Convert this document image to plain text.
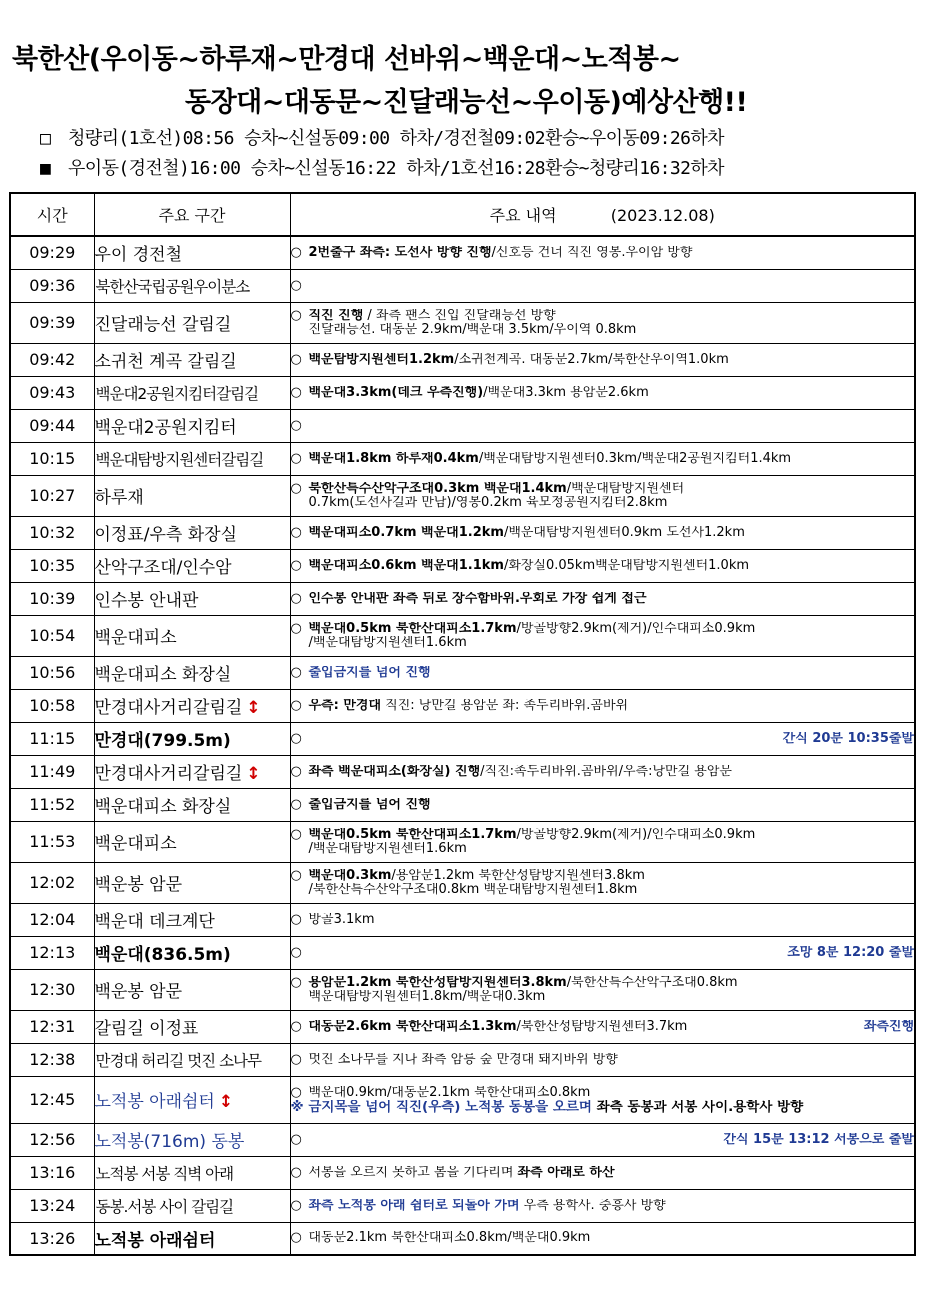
북한산(우이동~하루재~만경대 선바위~백운대~노적봉~
동장대~대동문~진달래능선~우이동)예상산행!!
□ 청량리(1호선)08:56 승차~신설동09:00 하차/경전철09:02환승~우이동09:26하차
■ 우이동(경전철)16:00 승차~신설동16:22 하차/1호선16:28환승~청량리16:32하차
시간	주요 구간	주요 내역 (2023.12.08)
09:29	우이 경전철	○ 2번출구 좌측: 도선사 방향 진행/신호등 건너 직진 영봉.우이암 방향

09:36	북한산국립공원우이분소	○

09:39	진달래능선 갈림길	○ 직진 진행 / 좌측 팬스 진입 진달래능선 방향
진달래능선. 대동문 2.9km/백운대 3.5km/우이역 0.8km

09:42	소귀천 계곡 갈림길	○ 백운탐방지원센터1.2km/소귀천계곡. 대동문2.7km/북한산우이역1.0km

09:43	백운대2공원지킴터갈림길	○ 백운대3.3km(데크 우측진행)/백운대3.3km 용암문2.6km

09:44	백운대2공원지킴터	○

10:15	백운대탐방지원센터갈림길	○ 백운대1.8km 하루재0.4km/백운대탐방지원센터0.3km/백운대2공원지킴터1.4km

10:27	하루재	○ 북한산특수산악구조대0.3km 백운대1.4km/백운대탐방지원센터
0.7km(도선사길과 만남)/영봉0.2km 육모정공원지킴터2.8km

10:32	이정표/우측 화장실	○ 백운대피소0.7km 백운대1.2km/백운대탐방지원센터0.9km 도선사1.2km

10:35	산악구조대/인수암	○ 백운대피소0.6km 백운대1.1km/화장실0.05km백운대탐방지원센터1.0km

10:39	인수봉 안내판	○ 인수봉 안내판 좌측 뒤로 장수함바위.우회로 가장 쉽게 접근

10:54	백운대피소	○ 백운대0.5km 북한산대피소1.7km/방골방향2.9km(제거)/인수대피소0.9km
/백운대탐방지원센터1.6km

10:56	백운대피소 화장실	○ 출입금지를 넘어 진행

10:58	만경대사거리갈림길 ↕	○ 우측: 만경대 직진: 낭만길 용암문 좌: 족두리바위.곰바위

11:15	만경대(799.5m)	○ 간식 20분 10:35출발

11:49	만경대사거리갈림길 ↕	○ 좌측 백운대피소(화장실) 진행/직진:족두리바위.곰바위/우측:낭만길 용암문

11:52	백운대피소 화장실	○ 출입금지를 넘어 진행

11:53	백운대피소	○ 백운대0.5km 북한산대피소1.7km/방골방향2.9km(제거)/인수대피소0.9km
/백운대탐방지원센터1.6km

12:02	백운봉 암문	○ 백운대0.3km/용암문1.2km 북한산성탐방지원센터3.8km
/북한산특수산악구조대0.8km 백운대탐방지원센터1.8km

12:04	백운대 데크계단	○ 방골3.1km

12:13	백운대(836.5m)	○ 조망 8분 12:20 출발

12:30	백운봉 암문	○ 용암문1.2km 북한산성탐방지원센터3.8km/북한산특수산악구조대0.8km
백운대탐방지원센터1.8km/백운대0.3km

12:31	갈림길 이정표	○ 대동문2.6km 북한산대피소1.3km/북한산성탐방지원센터3.7km 좌측진행

12:38	만경대 허리길 멋진 소나무	○ 멋진 소나무를 지나 좌측 암릉 숲 만경대 돼지바위 방향

12:45	노적봉 아래쉼터 ↕	○ 백운대0.9km/대동문2.1km 북한산대피소0.8km
※ 금지목을 넘어 직진(우측) 노적봉 동봉을 오르며 좌측 동봉과 서봉 사이.용학사 방향

12:56	노적봉(716m) 동봉	○ 간식 15분 13:12 서봉으로 출발

13:16	노적봉 서봉 직벽 아래	○ 서봉을 오르지 못하고 봄을 기다리며 좌측 아래로 하산

13:24	동봉.서봉 사이 갈림길	○ 좌측 노적봉 아래 쉼터로 되돌아 가며 우측 용학사. 중흥사 방향

13:26	노적봉 아래쉼터	○ 대동문2.1km 북한산대피소0.8km/백운대0.9km
